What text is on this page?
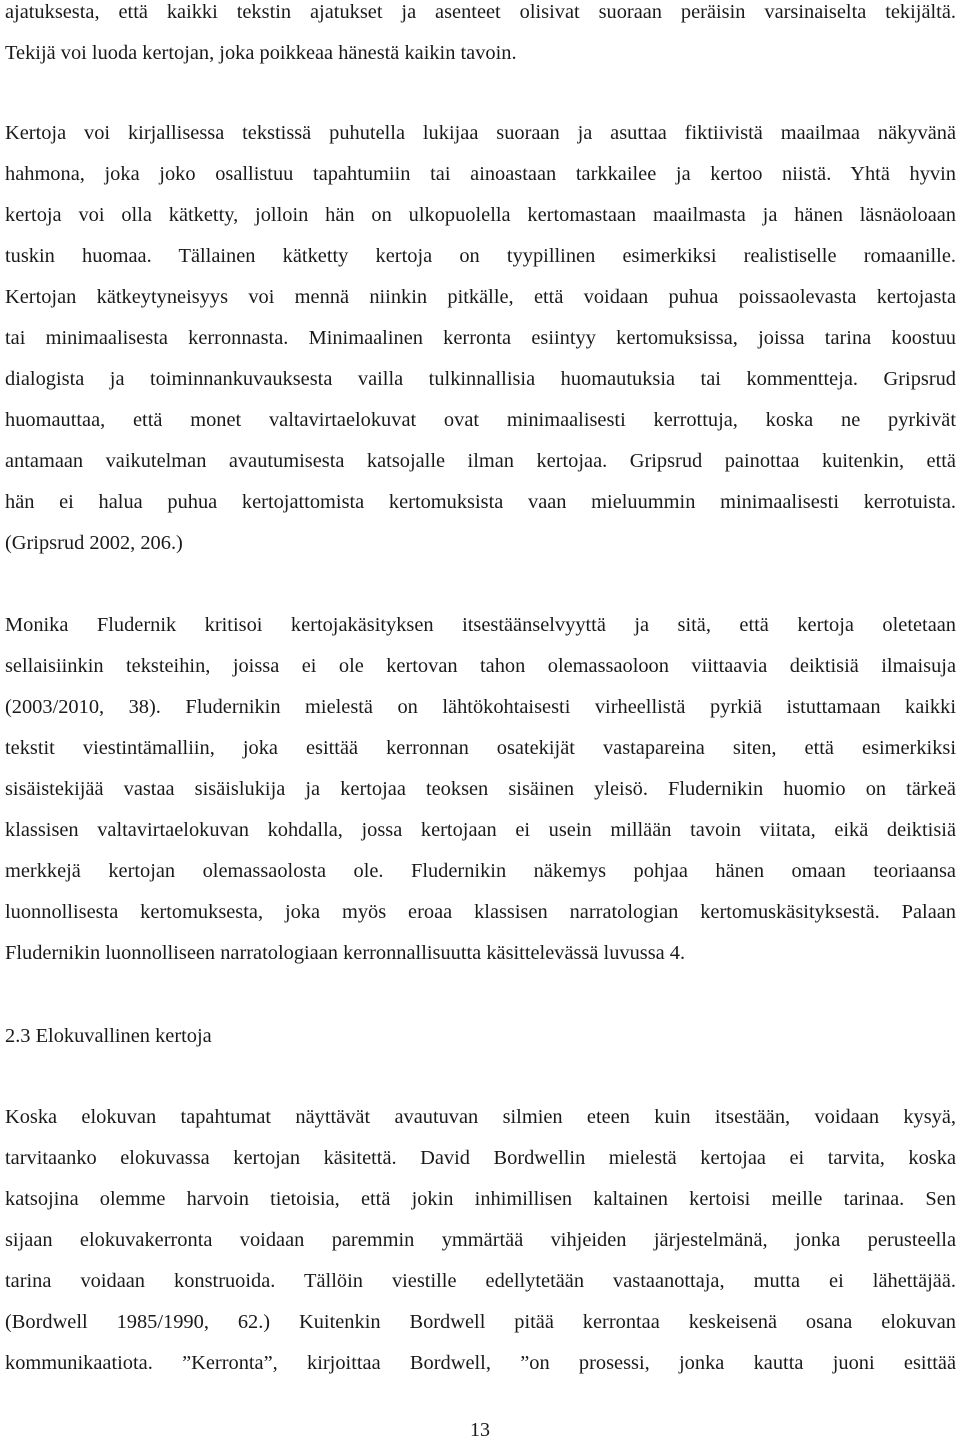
ajatuksesta, että kaikki tekstin ajatukset ja asenteet olisivat suoraan peräisin varsinaiselta tekijältä.
Tekijä voi luoda kertojan, joka poikkeaa hänestä kaikin tavoin.
Kertoja voi kirjallisessa tekstissä puhutella lukijaa suoraan ja asuttaa fiktiivistä maailmaa näkyvänä
hahmona, joka joko osallistuu tapahtumiin tai ainoastaan tarkkailee ja kertoo niistä. Yhtä hyvin
kertoja voi olla kätketty, jolloin hän on ulkopuolella kertomastaan maailmasta ja hänen läsnäoloaan
tuskin huomaa. Tällainen kätketty kertoja on tyypillinen esimerkiksi realistiselle romaanille.
Kertojan kätkeytyneisyys voi mennä niinkin pitkälle, että voidaan puhua poissaolevasta kertojasta
tai minimaalisesta kerronnasta. Minimaalinen kerronta esiintyy kertomuksissa, joissa tarina koostuu
dialogista ja toiminnankuvauksesta vailla tulkinnallisia huomautuksia tai kommentteja. Gripsrud
huomauttaa, että monet valtavirtaelokuvat ovat minimaalisesti kerrottuja, koska ne pyrkivät
antamaan vaikutelman avautumisesta katsojalle ilman kertojaa. Gripsrud painottaa kuitenkin, että
hän ei halua puhua kertojattomista kertomuksista vaan mieluummin minimaalisesti kerrotuista.
(Gripsrud 2002, 206.)
Monika Fludernik kritisoi kertojakäsityksen itsestäänselvyyttä ja sitä, että kertoja oletetaan
sellaisiinkin teksteihin, joissa ei ole kertovan tahon olemassaoloon viittaavia deiktisiä ilmaisuja
(2003/2010, 38). Fludernikin mielestä on lähtökohtaisesti virheellistä pyrkiä istuttamaan kaikki
tekstit viestintämalliin, joka esittää kerronnan osatekijät vastapareina siten, että esimerkiksi
sisäistekijää vastaa sisäislukija ja kertojaa teoksen sisäinen yleisö. Fludernikin huomio on tärkeä
klassisen valtavirtaelokuvan kohdalla, jossa kertojaan ei usein millään tavoin viitata, eikä deiktisiä
merkkejä kertojan olemassaolosta ole. Fludernikin näkemys pohjaa hänen omaan teoriaansa
luonnollisesta kertomuksesta, joka myös eroaa klassisen narratologian kertomuskäsityksestä. Palaan
Fludernikin luonnolliseen narratologiaan kerronnallisuutta käsittelevässä luvussa 4.
2.3 Elokuvallinen kertoja
Koska elokuvan tapahtumat näyttävät avautuvan silmien eteen kuin itsestään, voidaan kysyä,
tarvitaanko elokuvassa kertojan käsitettä. David Bordwellin mielestä kertojaa ei tarvita, koska
katsojina olemme harvoin tietoisia, että jokin inhimillisen kaltainen kertoisi meille tarinaa. Sen
sijaan elokuvakerronta voidaan paremmin ymmärtää vihjeiden järjestelmänä, jonka perusteella
tarina voidaan konstruoida. Tällöin viestille edellytetään vastaanottaja, mutta ei lähettäjää.
(Bordwell 1985/1990, 62.) Kuitenkin Bordwell pitää kerrontaa keskeisenä osana elokuvan
kommunikaatiota. ”Kerronta”, kirjoittaa Bordwell, ”on prosessi, jonka kautta juoni esittää
13
